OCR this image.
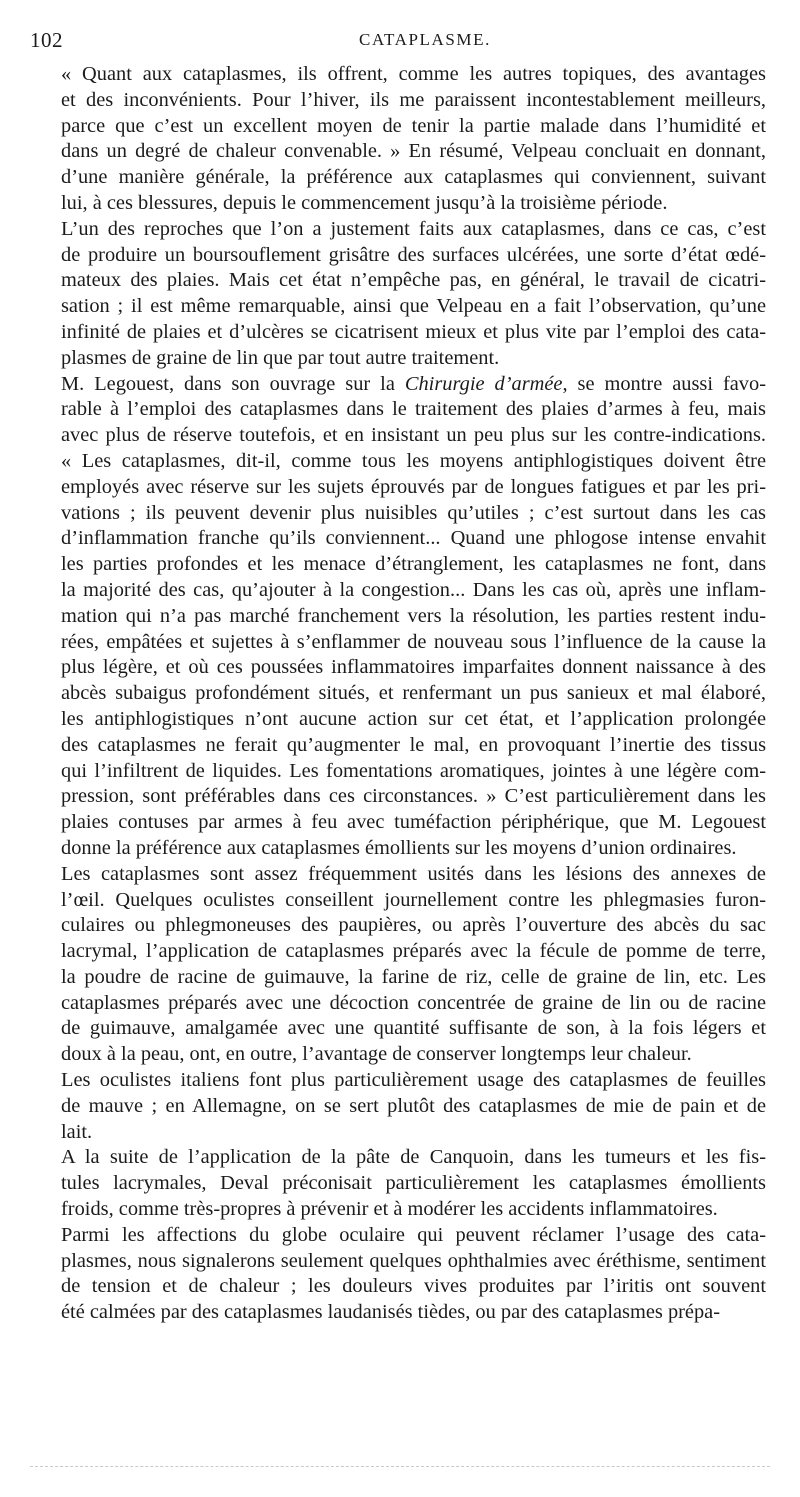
102	CATAPLASME.

« Quant aux cataplasmes, ils offrent, comme les autres topiques, des avantages
et des inconvénients. Pour l’hiver, ils me paraissent incontestablement meilleurs,
parce que c’est un excellent moyen de tenir la partie malade dans l’humidité et
dans un degré de chaleur convenable. » En résumé, Velpeau concluait en donnant,
d’une manière générale, la préférence aux cataplasmes qui conviennent, suivant
lui, à ces blessures, depuis le commencement jusqu’à la troisième période.

L’un des reproches que l’on a justement faits aux cataplasmes, dans ce cas, c’est
de produire un boursouflement grisâtre des surfaces ulcérées, une sorte d’état œdé-
mateux des plaies. Mais cet état n’empêche pas, en général, le travail de cicatri-
sation ; il est même remarquable, ainsi que Velpeau en a fait l’observation, qu’une
infinité de plaies et d’ulcères se cicatrisent mieux et plus vite par l’emploi des cata-
plasmes de graine de lin que par tout autre traitement.

M. Legouest, dans son ouvrage sur la Chirurgie d’armée, se montre aussi favo-
rable à l’emploi des cataplasmes dans le traitement des plaies d’armes à feu, mais
avec plus de réserve toutefois, et en insistant un peu plus sur les contre-indications.
« Les cataplasmes, dit-il, comme tous les moyens antiphlogistiques doivent être
employés avec réserve sur les sujets éprouvés par de longues fatigues et par les pri-
vations ; ils peuvent devenir plus nuisibles qu’utiles ; c’est surtout dans les cas
d’inflammation franche qu’ils conviennent... Quand une phlogose intense envahit
les parties profondes et les menace d’étranglement, les cataplasmes ne font, dans
la majorité des cas, qu’ajouter à la congestion... Dans les cas où, après une inflam-
mation qui n’a pas marché franchement vers la résolution, les parties restent indu-
rées, empâtées et sujettes à s’enflammer de nouveau sous l’influence de la cause la
plus légère, et où ces poussées inflammatoires imparfaites donnent naissance à des
abcès subaigus profondément situés, et renfermant un pus sanieux et mal élaboré,
les antiphlogistiques n’ont aucune action sur cet état, et l’application prolongée
des cataplasmes ne ferait qu’augmenter le mal, en provoquant l’inertie des tissus
qui l’infiltrent de liquides. Les fomentations aromatiques, jointes à une légère com-
pression, sont préférables dans ces circonstances. » C’est particulièrement dans les
plaies contuses par armes à feu avec tuméfaction périphérique, que M. Legouest
donne la préférence aux cataplasmes émollients sur les moyens d’union ordinaires.

Les cataplasmes sont assez fréquemment usités dans les lésions des annexes de
l’œil. Quelques oculistes conseillent journellement contre les phlegmasies furon-
culaires ou phlegmoneuses des paupières, ou après l’ouverture des abcès du sac
lacrymal, l’application de cataplasmes préparés avec la fécule de pomme de terre,
la poudre de racine de guimauve, la farine de riz, celle de graine de lin, etc. Les
cataplasmes préparés avec une décoction concentrée de graine de lin ou de racine
de guimauve, amalgamée avec une quantité suffisante de son, à la fois légers et
doux à la peau, ont, en outre, l’avantage de conserver longtemps leur chaleur.

Les oculistes italiens font plus particulièrement usage des cataplasmes de feuilles
de mauve ; en Allemagne, on se sert plutôt des cataplasmes de mie de pain et de
lait.

A la suite de l’application de la pâte de Canquoin, dans les tumeurs et les fis-
tules lacrymales, Deval préconisait particulièrement les cataplasmes émollients
froids, comme très-propres à prévenir et à modérer les accidents inflammatoires.

Parmi les affections du globe oculaire qui peuvent réclamer l’usage des cata-
plasmes, nous signalerons seulement quelques ophthalmies avec éréthisme, sentiment
de tension et de chaleur ; les douleurs vives produites par l’iritis ont souvent
été calmées par des cataplasmes laudanisés tièdes, ou par des cataplasmes prépa-
